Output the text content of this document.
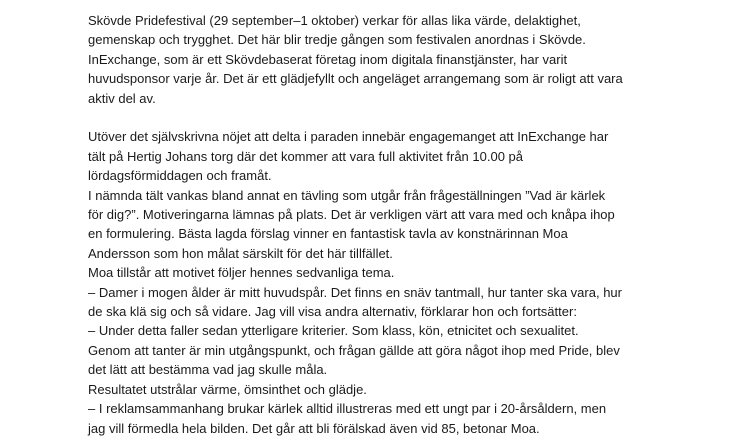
Skövde Pridefestival (29 september–1 oktober) verkar för allas lika värde, delaktighet,
gemenskap och trygghet. Det här blir tredje gången som festivalen anordnas i Skövde.
InExchange, som är ett Skövdebaserat företag inom digitala finanstjänster, har varit
huvudsponsor varje år. Det är ett glädjefyllt och angeläget arrangemang som är roligt att vara
aktiv del av.

Utöver det självskrivna nöjet att delta i paraden innebär engagemanget att InExchange har
tält på Hertig Johans torg där det kommer att vara full aktivitet från 10.00 på
lördagsförmiddagen och framåt.
I nämnda tält vankas bland annat en tävling som utgår från frågeställningen ”Vad är kärlek
för dig?”. Motiveringarna lämnas på plats. Det är verkligen värt att vara med och knåpa ihop
en formulering. Bästa lagda förslag vinner en fantastisk tavla av konstnärinnan Moa
Andersson som hon målat särskilt för det här tillfället.
Moa tillstår att motivet följer hennes sedvanliga tema.
– Damer i mogen ålder är mitt huvudspår. Det finns en snäv tantmall, hur tanter ska vara, hur
de ska klä sig och så vidare. Jag vill visa andra alternativ, förklarar hon och fortsätter:
– Under detta faller sedan ytterligare kriterier. Som klass, kön, etnicitet och sexualitet.
Genom att tanter är min utgångspunkt, och frågan gällde att göra något ihop med Pride, blev
det lätt att bestämma vad jag skulle måla.
Resultatet utstrålar värme, ömsinthet och glädje.
– I reklamsammanhang brukar kärlek alltid illustreras med ett ungt par i 20-årsåldern, men
jag vill förmedla hela bilden. Det går att bli förälskad även vid 85, betonar Moa.
